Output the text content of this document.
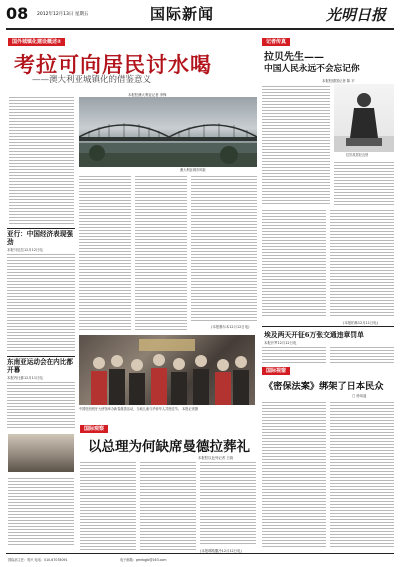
08 2012年12月13日 星期五	国际新闻	光明日报
国外城镇化建设概述②
考拉可向居民讨水喝
——澳大利亚城镇化的借鉴意义
本报驻澳大利亚记者 李锋
澳大利亚城市风貌
(本报墨尔本12月12日电)
亚行：中国经济表现强劲
本报马尼拉12月12日电
东南亚运动会在内比都开幕
本报内比都12月11日电
中国驻西班牙大使馆举办新春慈善活动，当地儿童与华侨华人共度佳节。 本报记者摄
国际观察
以总理为何缺席曼德拉葬礼
本报驻以色列记者 王晓
(本报耶路撒冷12月12日电)
记者传真
拉贝先生——
中国人民永远不会忘记你
本报驻德国记者 陈 平
拉贝故居纪念馆
(本报柏林12月11日电)
埃及两天开征6万张交通违章罚单
本报开罗12月12日电
国际视窗
《密保法案》绑架了日本民众
□ 徐凤遥
国际部主任：郭兴 电话：010-67078091	电子邮箱：gmrbgjb@163.com
